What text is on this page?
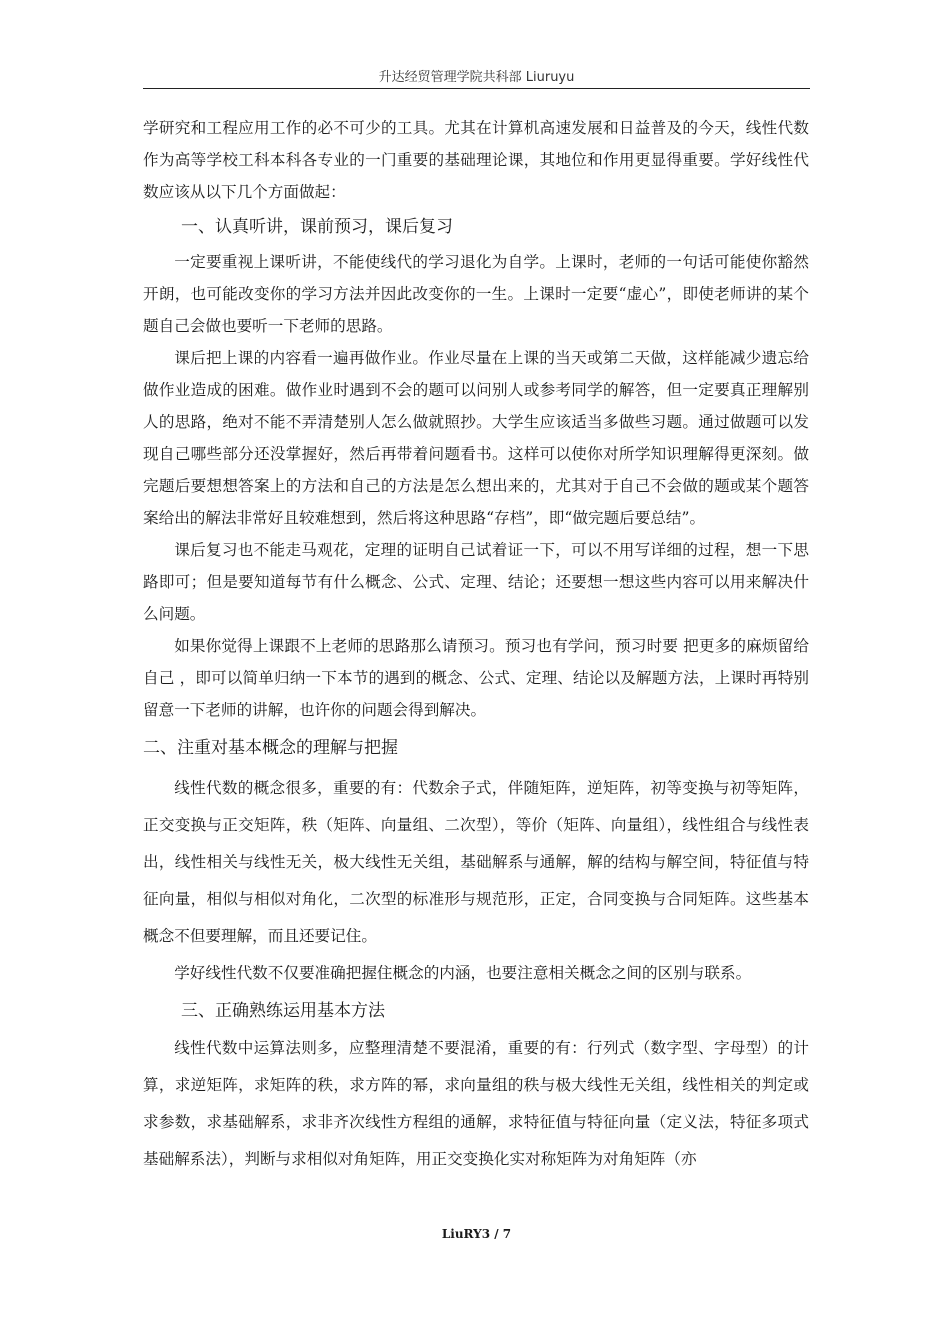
升达经贸管理学院共科部 Liuruyu

学研究和工程应用工作的必不可少的工具。尤其在计算机高速发展和日益普及的今天，线性代数作为高等学校工科本科各专业的一门重要的基础理论课，其地位和作用更显得重要。学好线性代数应该从以下几个方面做起：

一、认真听讲，课前预习，课后复习

一定要重视上课听讲，不能使线代的学习退化为自学。上课时，老师的一句话可能使你豁然开朗，也可能改变你的学习方法并因此改变你的一生。上课时一定要“虚心”，即使老师讲的某个题自己会做也要听一下老师的思路。

课后把上课的内容看一遍再做作业。作业尽量在上课的当天或第二天做，这样能减少遗忘给做作业造成的困难。做作业时遇到不会的题可以问别人或参考同学的解答，但一定要真正理解别人的思路，绝对不能不弄清楚别人怎么做就照抄。大学生应该适当多做些习题。通过做题可以发现自己哪些部分还没掌握好，然后再带着问题看书。这样可以使你对所学知识理解得更深刻。做完题后要想想答案上的方法和自己的方法是怎么想出来的，尤其对于自己不会做的题或某个题答案给出的解法非常好且较难想到，然后将这种思路“存档”，即“做完题后要总结”。

课后复习也不能走马观花，定理的证明自己试着证一下，可以不用写详细的过程，想一下思路即可；但是要知道每节有什么概念、公式、定理、结论；还要想一想这些内容可以用来解决什么问题。

如果你觉得上课跟不上老师的思路那么请预习。预习也有学问，预习时要 把更多的麻烦留给自己 ，即可以简单归纳一下本节的遇到的概念、公式、定理、结论以及解题方法，上课时再特别留意一下老师的讲解，也许你的问题会得到解决。

二、注重对基本概念的理解与把握

线性代数的概念很多，重要的有：代数余子式，伴随矩阵，逆矩阵，初等变换与初等矩阵，正交变换与正交矩阵，秩（矩阵、向量组、二次型），等价（矩阵、向量组），线性组合与线性表出，线性相关与线性无关，极大线性无关组，基础解系与通解，解的结构与解空间，特征值与特征向量，相似与相似对角化，二次型的标准形与规范形，正定，合同变换与合同矩阵。这些基本概念不但要理解，而且还要记住。

学好线性代数不仅要准确把握住概念的内涵，也要注意相关概念之间的区别与联系。

三、正确熟练运用基本方法

线性代数中运算法则多，应整理清楚不要混淆，重要的有：行列式（数字型、字母型）的计算，求逆矩阵，求矩阵的秩，求方阵的幂，求向量组的秩与极大线性无关组，线性相关的判定或求参数，求基础解系，求非齐次线性方程组的通解，求特征值与特征向量（定义法，特征多项式基础解系法），判断与求相似对角矩阵，用正交变换化实对称矩阵为对角矩阵（亦

LiuRY3 / 7
